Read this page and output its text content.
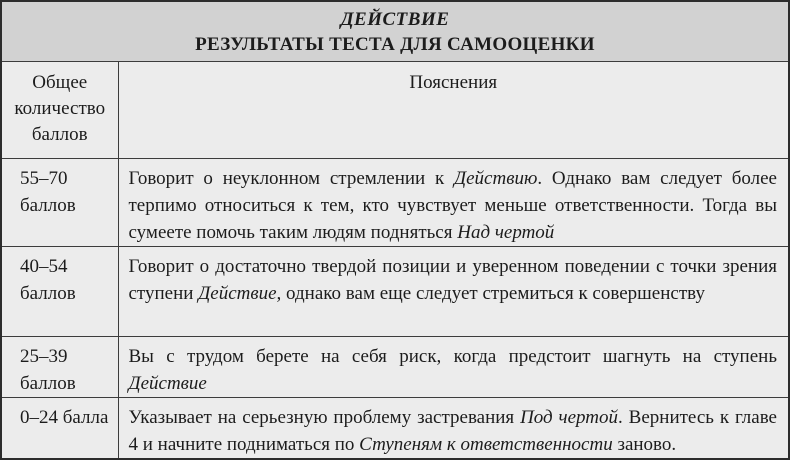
ДЕЙСТВИЕ
РЕЗУЛЬТАТЫ ТЕСТА ДЛЯ САМООЦЕНКИ	

Общее количество баллов	Пояснения
55–70 баллов	Говорит о неуклонном стремлении к Действию. Однако вам следует более терпимо относиться к тем, кто чувствует меньше ответственности. Тогда вы сумеете помочь таким людям подняться Над чертой
40–54 баллов	Говорит о достаточно твердой позиции и уверенном поведении с точки зрения ступени Действие, однако вам еще следует стремиться к совершенству
25–39 баллов	Вы с трудом берете на себя риск, когда предстоит шагнуть на ступень Действие
0–24 балла	Указывает на серьезную проблему застревания Под чертой. Вернитесь к главе 4 и начните подниматься по Ступеням к ответственности заново.
